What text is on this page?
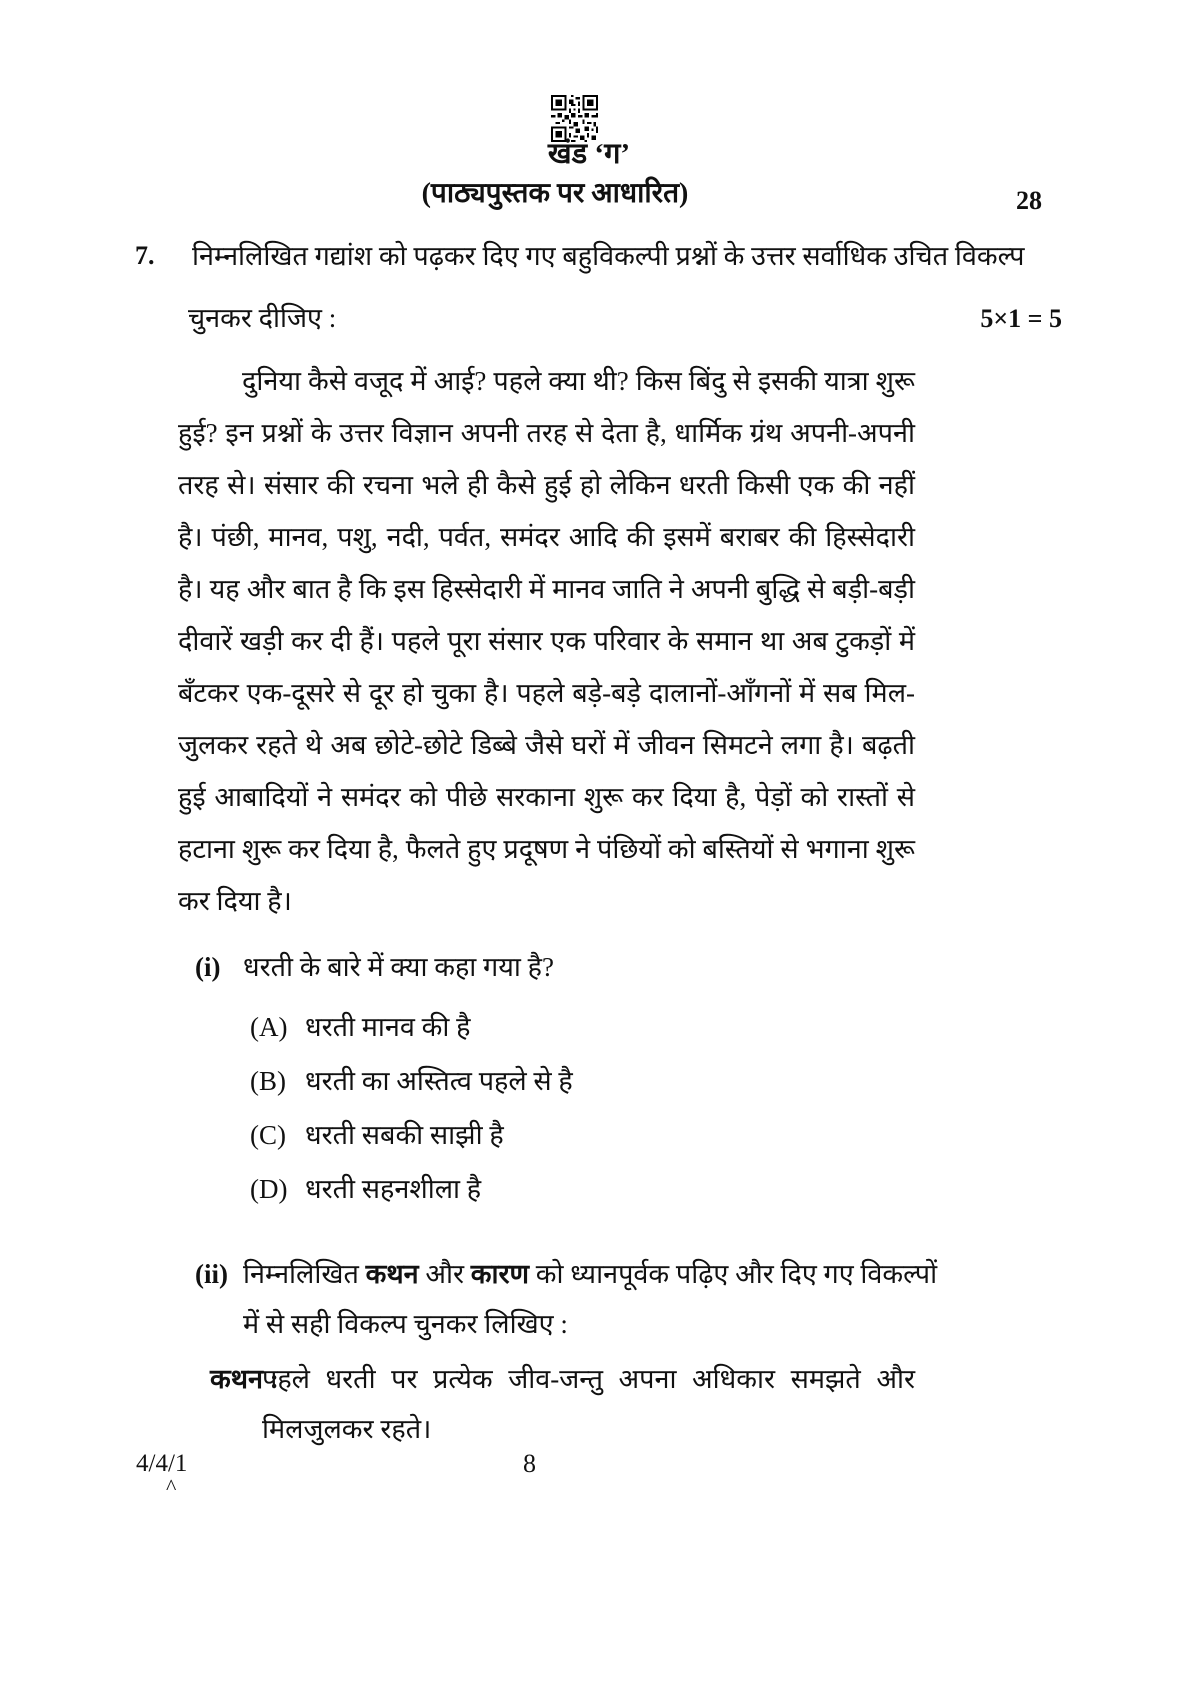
खंड ‘ग’
(पाठ्यपुस्तक पर आधारित)	28
7. निम्नलिखित गद्यांश को पढ़कर दिए गए बहुविकल्पी प्रश्नों के उत्तर सर्वाधिक उचित विकल्प
चुनकर दीजिए :	5×1 = 5
दुनिया कैसे वजूद में आई? पहले क्या थी? किस बिंदु से इसकी यात्रा शुरू हुई? इन प्रश्नों के उत्तर विज्ञान अपनी तरह से देता है, धार्मिक ग्रंथ अपनी-अपनी तरह से। संसार की रचना भले ही कैसे हुई हो लेकिन धरती किसी एक की नहीं है। पंछी, मानव, पशु, नदी, पर्वत, समंदर आदि की इसमें बराबर की हिस्सेदारी है। यह और बात है कि इस हिस्सेदारी में मानव जाति ने अपनी बुद्धि से बड़ी-बड़ी दीवारें खड़ी कर दी हैं। पहले पूरा संसार एक परिवार के समान था अब टुकड़ों में बँटकर एक-दूसरे से दूर हो चुका है। पहले बड़े-बड़े दालानों-आँगनों में सब मिल-जुलकर रहते थे अब छोटे-छोटे डिब्बे जैसे घरों में जीवन सिमटने लगा है। बढ़ती हुई आबादियों ने समंदर को पीछे सरकाना शुरू कर दिया है, पेड़ों को रास्तों से हटाना शुरू कर दिया है, फैलते हुए प्रदूषण ने पंछियों को बस्तियों से भगाना शुरू कर दिया है।
(i) धरती के बारे में क्या कहा गया है?
(A) धरती मानव की है
(B) धरती का अस्तित्व पहले से है
(C) धरती सबकी साझी है
(D) धरती सहनशीला है
(ii) निम्नलिखित कथन और कारण को ध्यानपूर्वक पढ़िए और दिए गए विकल्पों में से सही विकल्प चुनकर लिखिए :
कथन :
पहले धरती पर प्रत्येक जीव-जन्तु अपना अधिकार समझते और मिलजुलकर रहते।
4/4/1
^
8
